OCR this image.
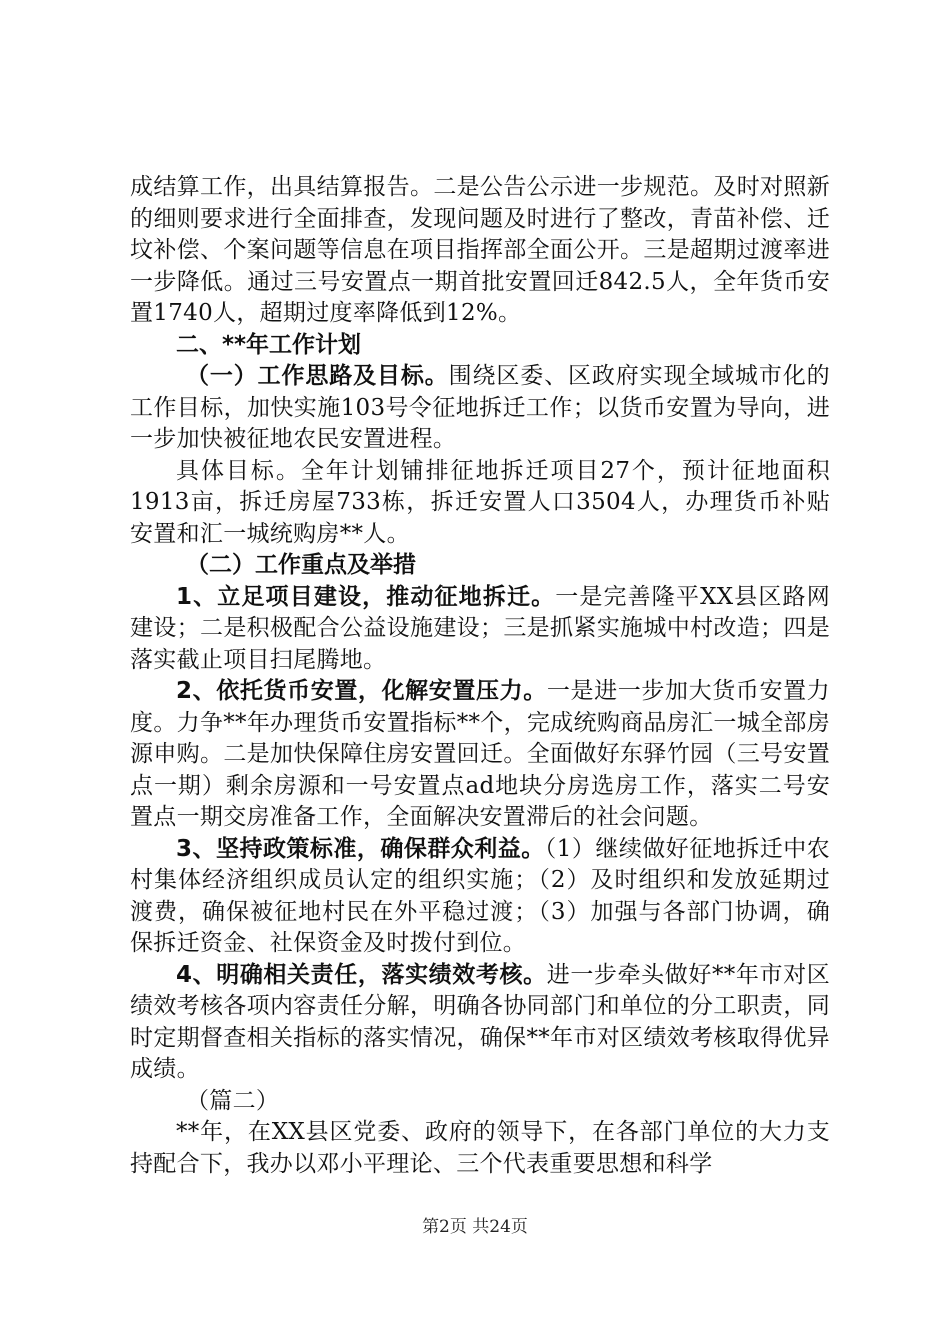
成结算工作，出具结算报告。二是公告公示进一步规范。及时对照新的细则要求进行全面排查，发现问题及时进行了整改，青苗补偿、迁坟补偿、个案问题等信息在项目指挥部全面公开。三是超期过渡率进一步降低。通过三号安置点一期首批安置回迁842.5人，全年货币安置1740人，超期过度率降低到12%。

二、**年工作计划

（一）工作思路及目标。围绕区委、区政府实现全域城市化的工作目标，加快实施103号令征地拆迁工作；以货币安置为导向，进一步加快被征地农民安置进程。

具体目标。全年计划铺排征地拆迁项目27个，预计征地面积1913亩，拆迁房屋733栋，拆迁安置人口3504人，办理货币补贴安置和汇一城统购房**人。

（二）工作重点及举措

1、立足项目建设，推动征地拆迁。一是完善隆平XX县区路网建设；二是积极配合公益设施建设；三是抓紧实施城中村改造；四是落实截止项目扫尾腾地。

2、依托货币安置，化解安置压力。一是进一步加大货币安置力度。力争**年办理货币安置指标**个，完成统购商品房汇一城全部房源申购。二是加快保障住房安置回迁。全面做好东驿竹园（三号安置点一期）剩余房源和一号安置点ad地块分房选房工作，落实二号安置点一期交房准备工作，全面解决安置滞后的社会问题。

3、坚持政策标准，确保群众利益。（1）继续做好征地拆迁中农村集体经济组织成员认定的组织实施；（2）及时组织和发放延期过渡费，确保被征地村民在外平稳过渡；（3）加强与各部门协调，确保拆迁资金、社保资金及时拨付到位。

4、明确相关责任，落实绩效考核。进一步牵头做好**年市对区绩效考核各项内容责任分解，明确各协同部门和单位的分工职责，同时定期督查相关指标的落实情况，确保**年市对区绩效考核取得优异成绩。

（篇二）

**年，在XX县区党委、政府的领导下，在各部门单位的大力支持配合下，我办以邓小平理论、三个代表重要思想和科学

第2页 共24页
